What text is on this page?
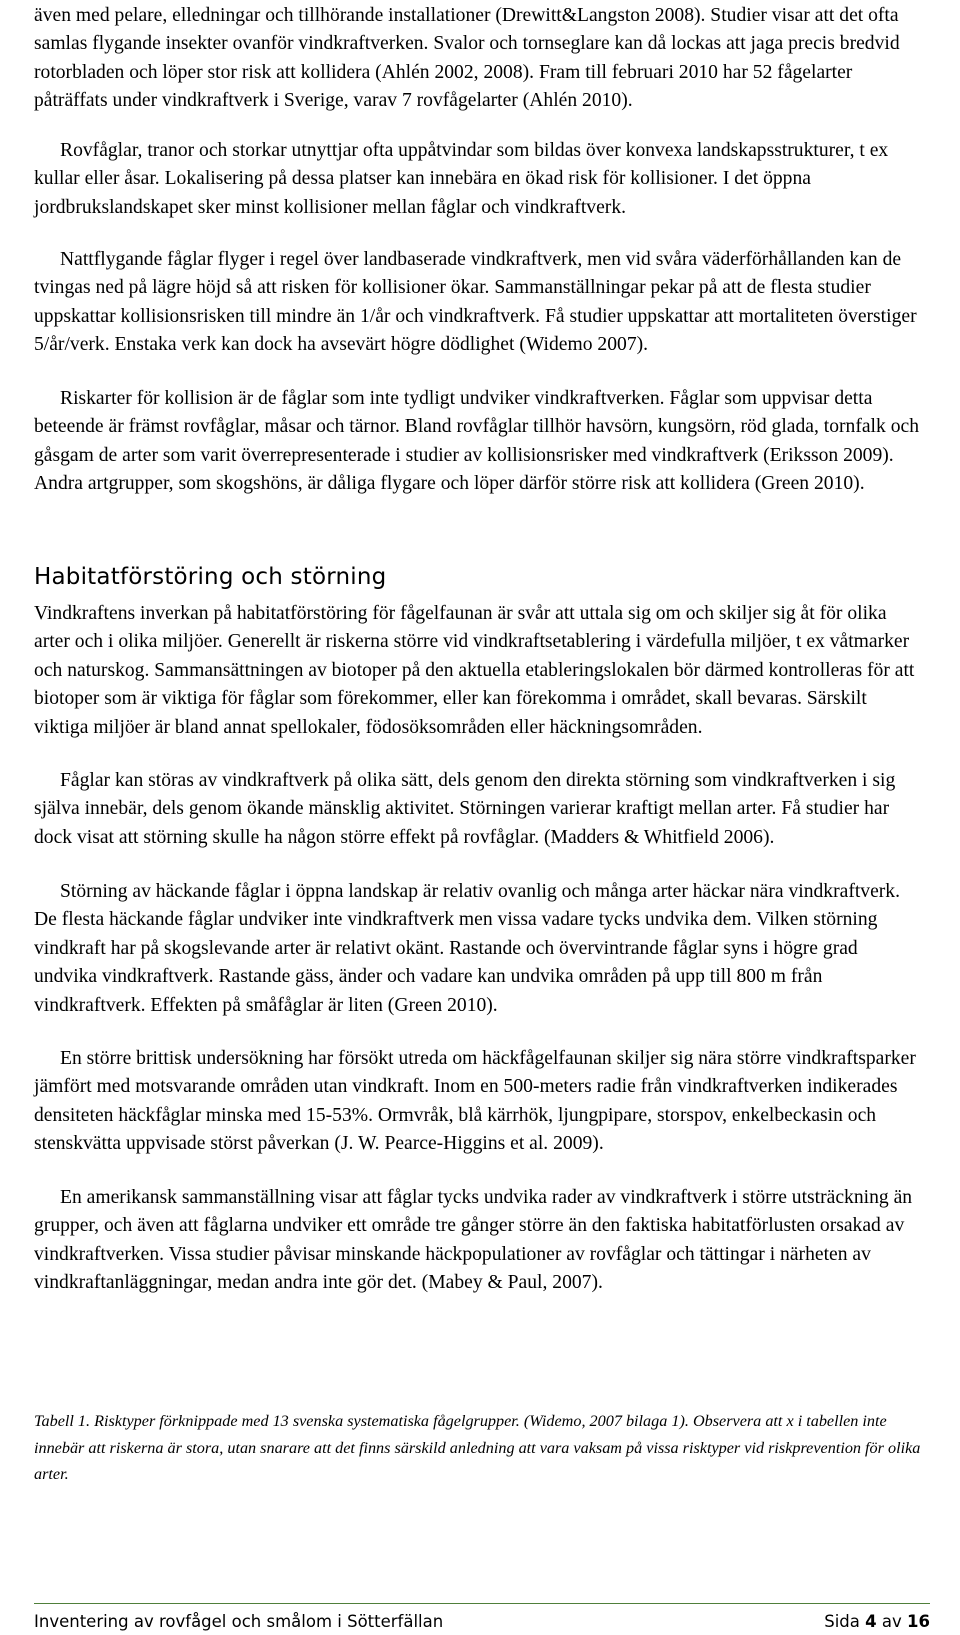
även med pelare, elledningar och tillhörande installationer (Drewitt&Langston 2008). Studier visar att det ofta samlas flygande insekter ovanför vindkraftverken. Svalor och tornseglare kan då lockas att jaga precis bredvid rotorbladen och löper stor risk att kollidera (Ahlén 2002, 2008). Fram till februari 2010 har 52 fågelarter påträffats under vindkraftverk i Sverige, varav 7 rovfågelarter (Ahlén 2010).

Rovfåglar, tranor och storkar utnyttjar ofta uppåtvindar som bildas över konvexa landskapsstrukturer, t ex kullar eller åsar. Lokalisering på dessa platser kan innebära en ökad risk för kollisioner. I det öppna jordbrukslandskapet sker minst kollisioner mellan fåglar och vindkraftverk.

Nattflygande fåglar flyger i regel över landbaserade vindkraftverk, men vid svåra väderförhållanden kan de tvingas ned på lägre höjd så att risken för kollisioner ökar. Sammanställningar pekar på att de flesta studier uppskattar kollisionsrisken till mindre än 1/år och vindkraftverk. Få studier uppskattar att mortaliteten överstiger 5/år/verk. Enstaka verk kan dock ha avsevärt högre dödlighet (Widemo 2007).

Riskarter för kollision är de fåglar som inte tydligt undviker vindkraftverken. Fåglar som uppvisar detta beteende är främst rovfåglar, måsar och tärnor. Bland rovfåglar tillhör havsörn, kungsörn, röd glada, tornfalk och gåsgam de arter som varit överrepresenterade i studier av kollisionsrisker med vindkraftverk (Eriksson 2009). Andra artgrupper, som skogshöns, är dåliga flygare och löper därför större risk att kollidera (Green 2010).

Habitatförstöring och störning

Vindkraftens inverkan på habitatförstöring för fågelfaunan är svår att uttala sig om och skiljer sig åt för olika arter och i olika miljöer. Generellt är riskerna större vid vindkraftsetablering i värdefulla miljöer, t ex våtmarker och naturskog. Sammansättningen av biotoper på den aktuella etableringslokalen bör därmed kontrolleras för att biotoper som är viktiga för fåglar som förekommer, eller kan förekomma i området, skall bevaras. Särskilt viktiga miljöer är bland annat spellokaler, födosöksområden eller häckningsområden.

Fåglar kan störas av vindkraftverk på olika sätt, dels genom den direkta störning som vindkraftverken i sig själva innebär, dels genom ökande mänsklig aktivitet. Störningen varierar kraftigt mellan arter. Få studier har dock visat att störning skulle ha någon större effekt på rovfåglar. (Madders & Whitfield 2006).

Störning av häckande fåglar i öppna landskap är relativ ovanlig och många arter häckar nära vindkraftverk. De flesta häckande fåglar undviker inte vindkraftverk men vissa vadare tycks undvika dem. Vilken störning vindkraft har på skogslevande arter är relativt okänt. Rastande och övervintrande fåglar syns i högre grad undvika vindkraftverk. Rastande gäss, änder och vadare kan undvika områden på upp till 800 m från vindkraftverk. Effekten på småfåglar är liten (Green 2010).

En större brittisk undersökning har försökt utreda om häckfågelfaunan skiljer sig nära större vindkraftsparker jämfört med motsvarande områden utan vindkraft. Inom en 500-meters radie från vindkraftverken indikerades densiteten häckfåglar minska med 15-53%. Ormvråk, blå kärrhök, ljungpipare, storspov, enkelbeckasin och stenskvätta uppvisade störst påverkan (J. W. Pearce-Higgins et al. 2009).

En amerikansk sammanställning visar att fåglar tycks undvika rader av vindkraftverk i större utsträckning än grupper, och även att fåglarna undviker ett område tre gånger större än den faktiska habitatförlusten orsakad av vindkraftverken. Vissa studier påvisar minskande häckpopulationer av rovfåglar och tättingar i närheten av vindkraftanläggningar, medan andra inte gör det. (Mabey & Paul, 2007).

Tabell 1. Risktyper förknippade med 13 svenska systematiska fågelgrupper. (Widemo, 2007 bilaga 1). Observera att x i tabellen inte innebär att riskerna är stora, utan snarare att det finns särskild anledning att vara vaksam på vissa risktyper vid riskprevention för olika arter.

Inventering av rovfågel och smålom i Sötterfällan	Sida 4 av 16
